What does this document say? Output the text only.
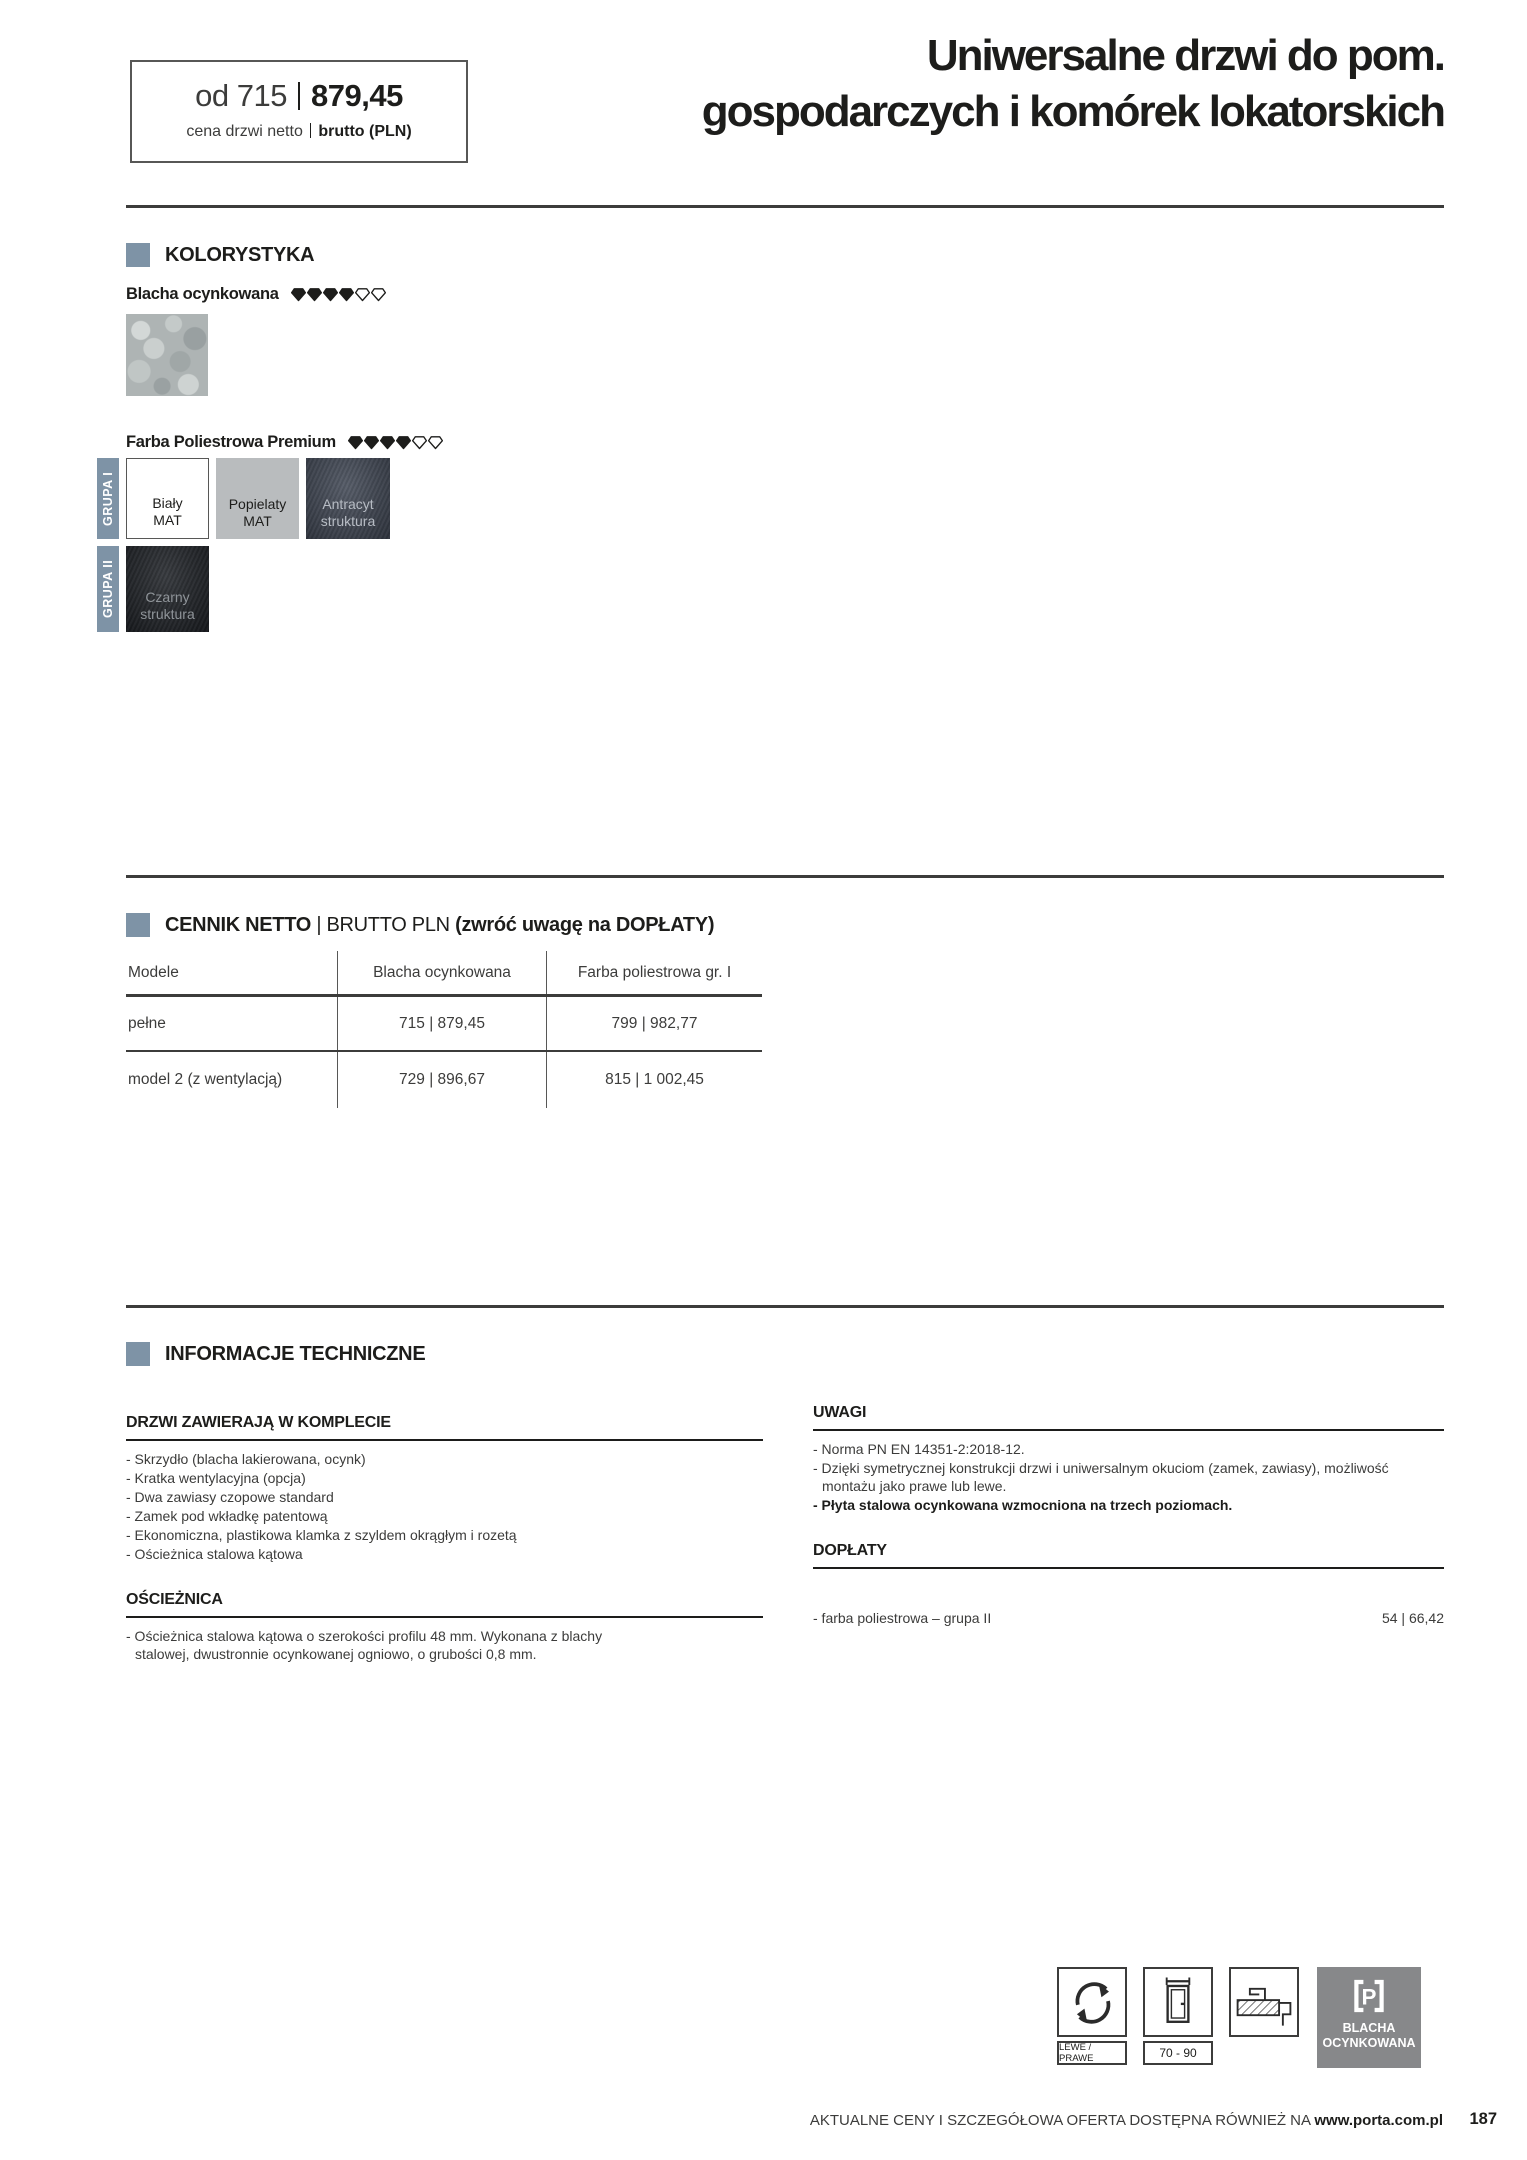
od 715 879,45
cena drzwi netto brutto (PLN)
Uniwersalne drzwi do pom.
gospodarczych i komórek lokatorskich
KOLORYSTYKA
Blacha ocynkowana
Farba Poliestrowa Premium
GRUPA I	Biały
MAT
Popielaty
MAT
Antracyt
struktura
GRUPA II Czarny
struktura
CENNIK NETTO | BRUTTO PLN (zwróć uwagę na DOPŁATY)
Modele	Blacha ocynkowana	Farba poliestrowa gr. I
pełne	715 | 879,45	799 | 982,77
model 2 (z wentylacją)	729 | 896,67	815 | 1 002,45
INFORMACJE TECHNICZNE
DRZWI ZAWIERAJĄ W KOMPLECIE
- Skrzydło (blacha lakierowana, ocynk)
- Kratka wentylacyjna (opcja)
- Dwa zawiasy czopowe standard
- Zamek pod wkładkę patentową
- Ekonomiczna, plastikowa klamka z szyldem okrągłym i rozetą
- Ościeżnica stalowa kątowa
OŚCIEŻNICA
- Ościeżnica stalowa kątowa o szerokości profilu 48 mm. Wykonana z blachy stalowej, dwustronnie ocynkowanej ogniowo, o grubości 0,8 mm.
UWAGI
- Norma PN EN 14351-2:2018-12.
- Dzięki symetrycznej konstrukcji drzwi i uniwersalnym okuciom (zamek, zawiasy), możliwość montażu jako prawe lub lewe.
- Płyta stalowa ocynkowana wzmocniona na trzech poziomach.
DOPŁATY
- farba poliestrowa – grupa II	54 | 66,42
LEWE / PRAWE	70 - 90
P
BLACHA
OCYNKOWANA
AKTUALNE CENY I SZCZEGÓŁOWA OFERTA DOSTĘPNA RÓWNIEŻ NA www.porta.com.pl 187
